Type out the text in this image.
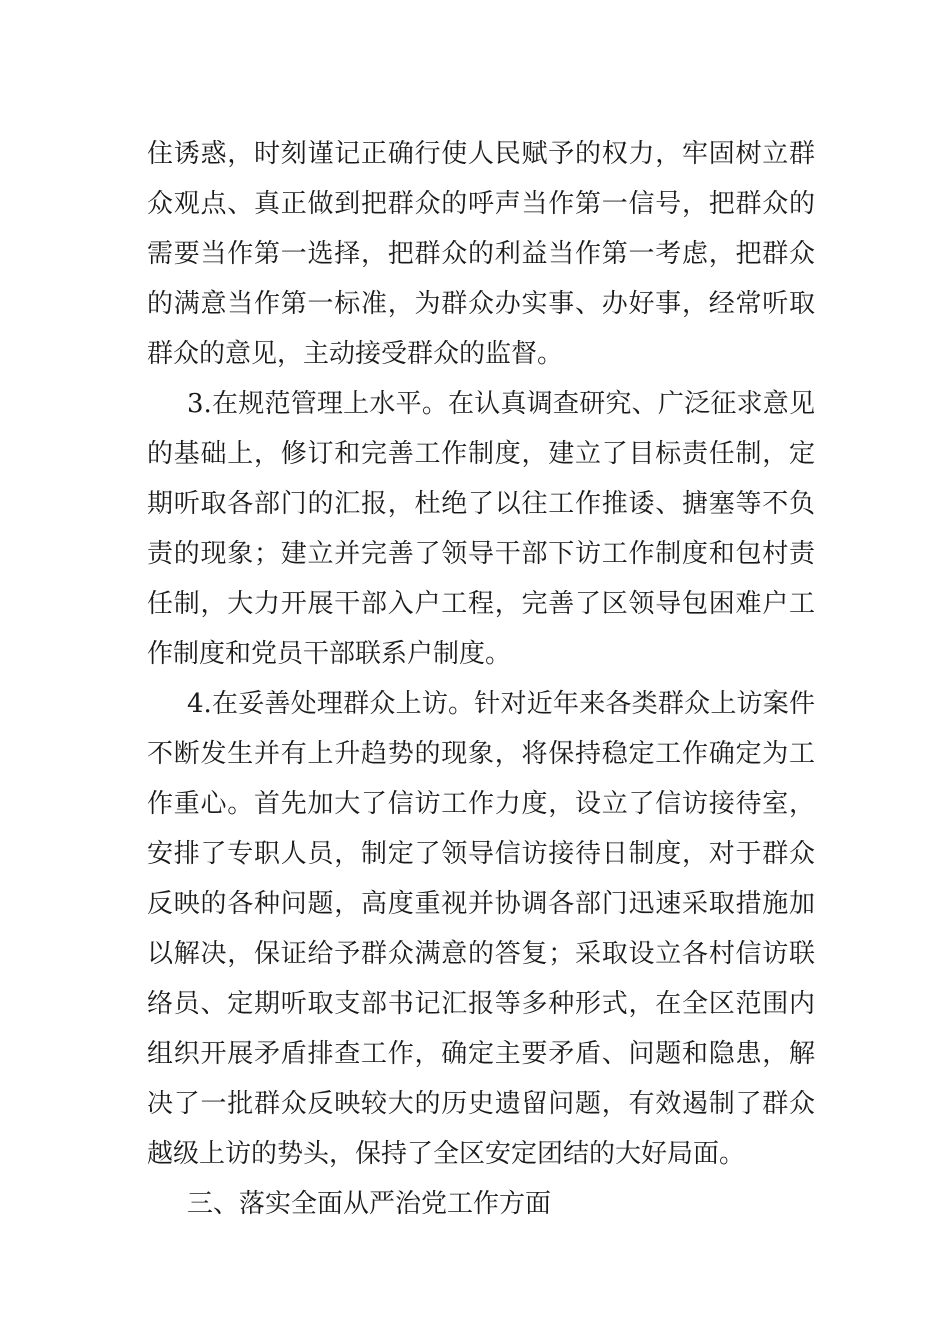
住诱惑，时刻谨记正确行使人民赋予的权力，牢固树立群
众观点、真正做到把群众的呼声当作第一信号，把群众的
需要当作第一选择，把群众的利益当作第一考虑，把群众
的满意当作第一标准，为群众办实事、办好事，经常听取
群众的意见，主动接受群众的监督。
3.在规范管理上水平。在认真调查研究、广泛征求意见
的基础上，修订和完善工作制度，建立了目标责任制，定
期听取各部门的汇报，杜绝了以往工作推诿、搪塞等不负
责的现象；建立并完善了领导干部下访工作制度和包村责
任制，大力开展干部入户工程，完善了区领导包困难户工
作制度和党员干部联系户制度。
4.在妥善处理群众上访。针对近年来各类群众上访案件
不断发生并有上升趋势的现象，将保持稳定工作确定为工
作重心。首先加大了信访工作力度，设立了信访接待室，
安排了专职人员，制定了领导信访接待日制度，对于群众
反映的各种问题，高度重视并协调各部门迅速采取措施加
以解决，保证给予群众满意的答复；采取设立各村信访联
络员、定期听取支部书记汇报等多种形式，在全区范围内
组织开展矛盾排查工作，确定主要矛盾、问题和隐患，解
决了一批群众反映较大的历史遗留问题，有效遏制了群众
越级上访的势头，保持了全区安定团结的大好局面。
三、落实全面从严治党工作方面
